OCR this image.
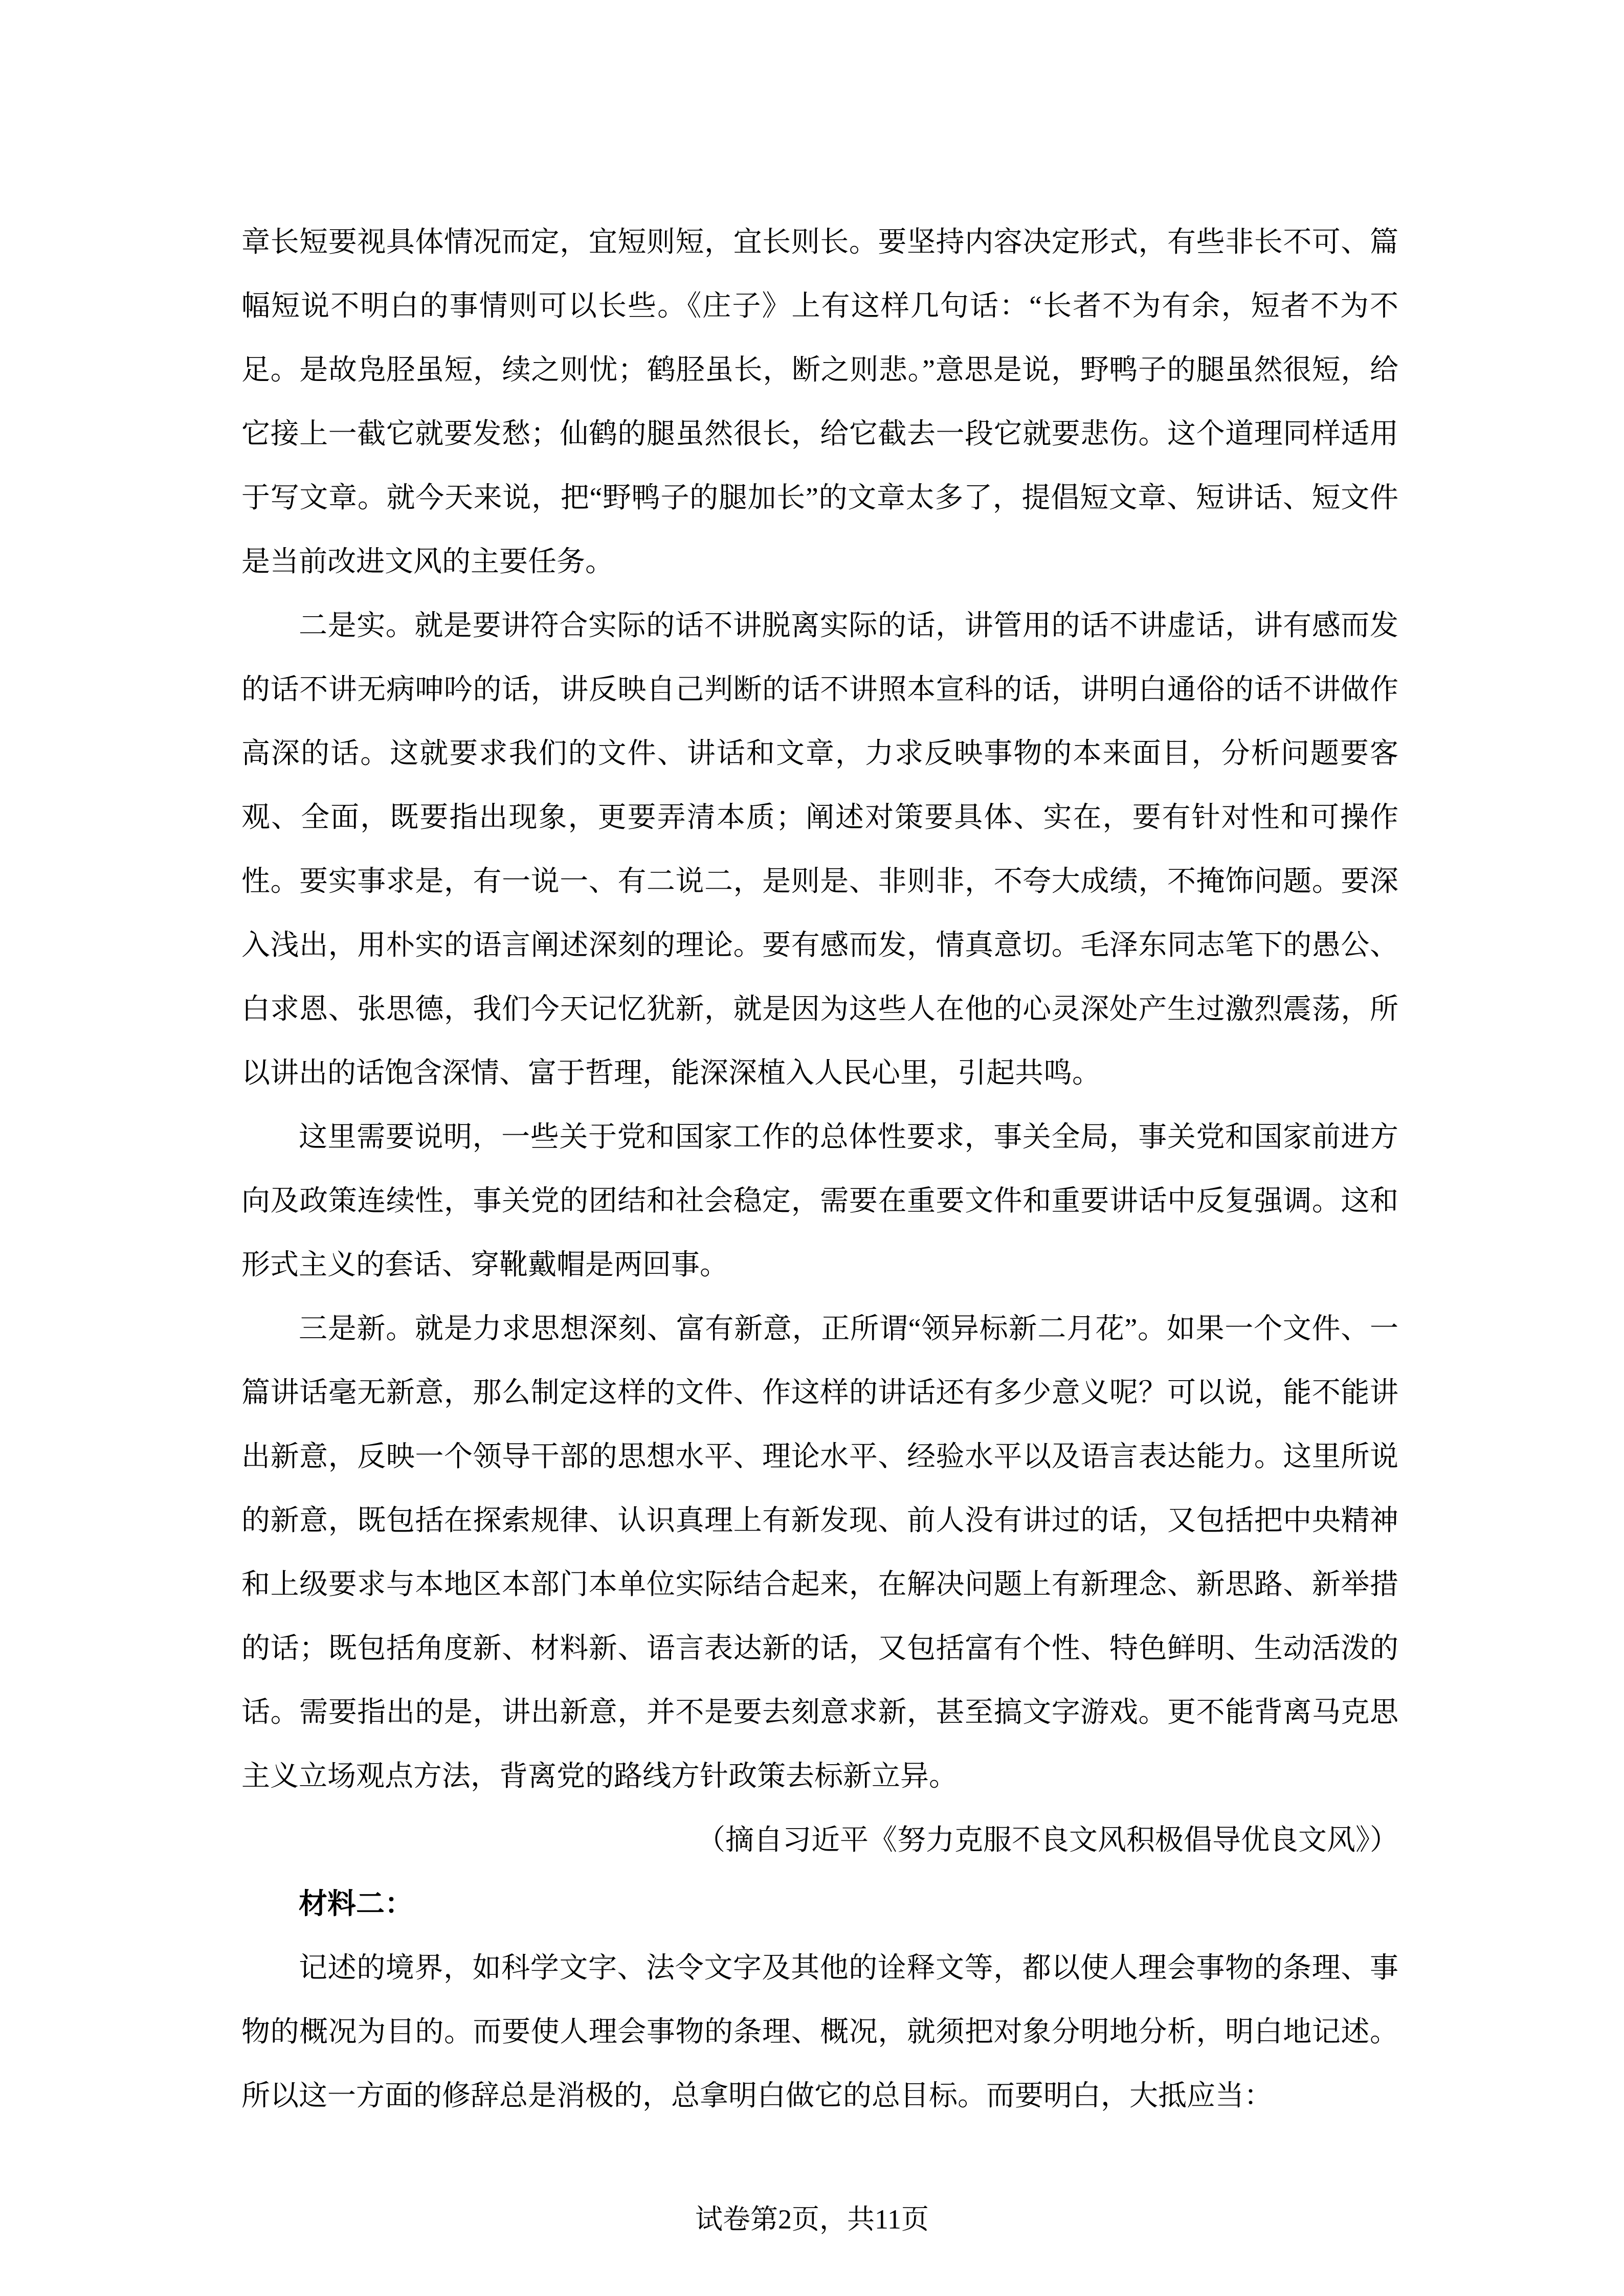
章长短要视具体情况而定，宜短则短，宜长则长。要坚持内容决定形式，有些非长不可、篇幅短说不明白的事情则可以长些。《庄子》上有这样几句话：“长者不为有余，短者不为不足。是故凫胫虽短，续之则忧；鹤胫虽长，断之则悲。”意思是说，野鸭子的腿虽然很短，给它接上一截它就要发愁；仙鹤的腿虽然很长，给它截去一段它就要悲伤。这个道理同样适用于写文章。就今天来说，把“野鸭子的腿加长”的文章太多了，提倡短文章、短讲话、短文件是当前改进文风的主要任务。

二是实。就是要讲符合实际的话不讲脱离实际的话，讲管用的话不讲虚话，讲有感而发的话不讲无病呻吟的话，讲反映自己判断的话不讲照本宣科的话，讲明白通俗的话不讲做作高深的话。这就要求我们的文件、讲话和文章，力求反映事物的本来面目，分析问题要客观、全面，既要指出现象，更要弄清本质；阐述对策要具体、实在，要有针对性和可操作性。要实事求是，有一说一、有二说二，是则是、非则非，不夸大成绩，不掩饰问题。要深入浅出，用朴实的语言阐述深刻的理论。要有感而发，情真意切。毛泽东同志笔下的愚公、白求恩、张思德，我们今天记忆犹新，就是因为这些人在他的心灵深处产生过激烈震荡，所以讲出的话饱含深情、富于哲理，能深深植入人民心里，引起共鸣。

这里需要说明，一些关于党和国家工作的总体性要求，事关全局，事关党和国家前进方向及政策连续性，事关党的团结和社会稳定，需要在重要文件和重要讲话中反复强调。这和形式主义的套话、穿靴戴帽是两回事。

三是新。就是力求思想深刻、富有新意，正所谓“领异标新二月花”。如果一个文件、一篇讲话毫无新意，那么制定这样的文件、作这样的讲话还有多少意义呢？可以说，能不能讲出新意，反映一个领导干部的思想水平、理论水平、经验水平以及语言表达能力。这里所说的新意，既包括在探索规律、认识真理上有新发现、前人没有讲过的话，又包括把中央精神和上级要求与本地区本部门本单位实际结合起来，在解决问题上有新理念、新思路、新举措的话；既包括角度新、材料新、语言表达新的话，又包括富有个性、特色鲜明、生动活泼的话。需要指出的是，讲出新意，并不是要去刻意求新，甚至搞文字游戏。更不能背离马克思主义立场观点方法，背离党的路线方针政策去标新立异。

（摘自习近平《努力克服不良文风积极倡导优良文风》）

材料二：

记述的境界，如科学文字、法令文字及其他的诠释文等，都以使人理会事物的条理、事物的概况为目的。而要使人理会事物的条理、概况，就须把对象分明地分析，明白地记述。所以这一方面的修辞总是消极的，总拿明白做它的总目标。而要明白，大抵应当：

试卷第2页，共11页
